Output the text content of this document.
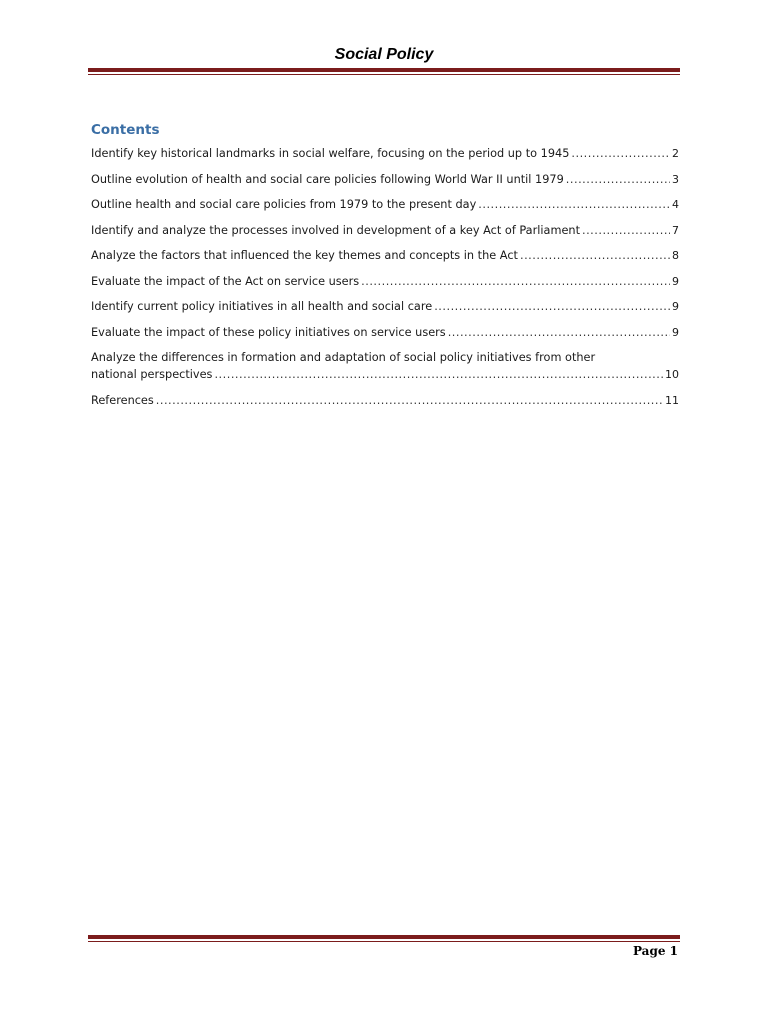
Social Policy
Contents
Identify key historical landmarks in social welfare, focusing on the period up to 1945 .....	2
Outline evolution of health and social care policies following World War II until 1979 .....	3
Outline health and social care policies from 1979 to the present day .....	4
Identify and analyze the processes involved in development of a key Act of Parliament .....	7
Analyze the factors that influenced the key themes and concepts in the Act .....	8
Evaluate the impact of the Act on service users .....	9
Identify current policy initiatives in all health and social care .....	9
Evaluate the impact of these policy initiatives on service users .....	9
Analyze the differences in formation and adaptation of social policy initiatives from other
national perspectives .....	10
References .....	11
Page 1
